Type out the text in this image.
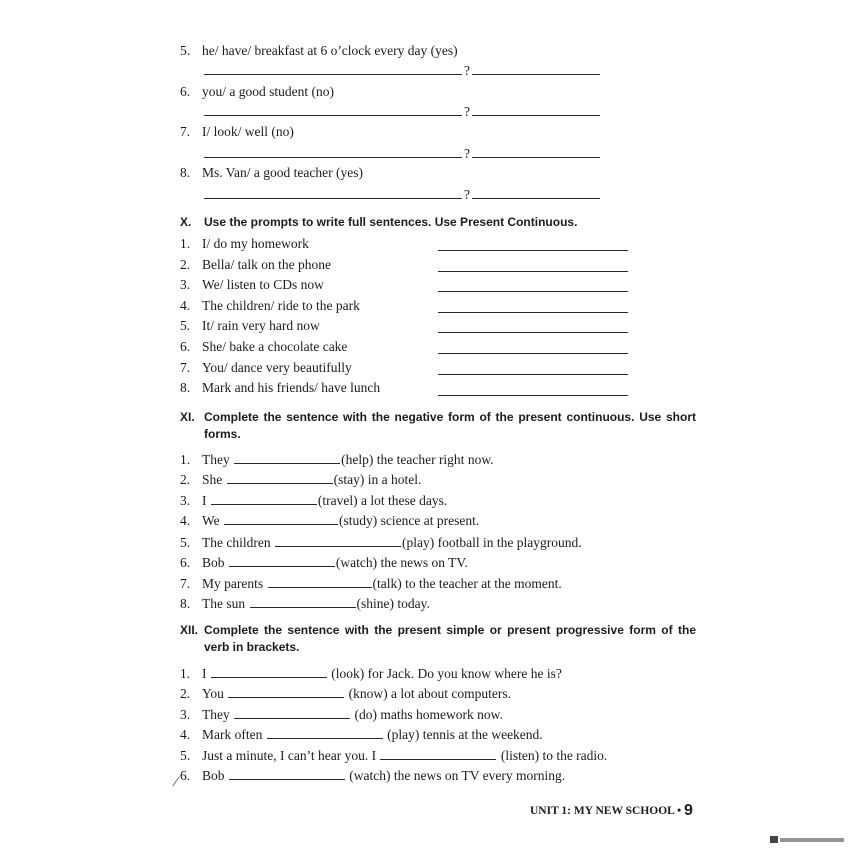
5. he/ have/ breakfast at 6 o’clock every day (yes)
?
6. you/ a good student (no)
?
7. I/ look/ well (no)
?
8. Ms. Van/ a good teacher (yes)
?
X. Use the prompts to write full sentences. Use Present Continuous.
1. I/ do my homework
2. Bella/ talk on the phone
3. We/ listen to CDs now
4. The children/ ride to the park
5. It/ rain very hard now
6. She/ bake a chocolate cake
7. You/ dance very beautifully
8. Mark and his friends/ have lunch
XI. Complete the sentence with the negative form of the present continuous. Use short forms.
1. They	(help) the teacher right now.
2. She	(stay) in a hotel.
3. I	(travel) a lot these days.
4. We	(study) science at present.
5. The children	(play) football in the playground.
6. Bob	(watch) the news on TV.
7. My parents	(talk) to the teacher at the moment.
8. The sun	(shine) today.
XII. Complete the sentence with the present simple or present progressive form of the verb in brackets.
1. I	(look) for Jack. Do you know where he is?
2. You	(know) a lot about computers.
3. They	(do) maths homework now.
4. Mark often	(play) tennis at the weekend.
5. Just a minute, I can’t hear you. I	(listen) to the radio.
6. Bob	(watch) the news on TV every morning.
UNIT 1: MY NEW SCHOOL • 9
